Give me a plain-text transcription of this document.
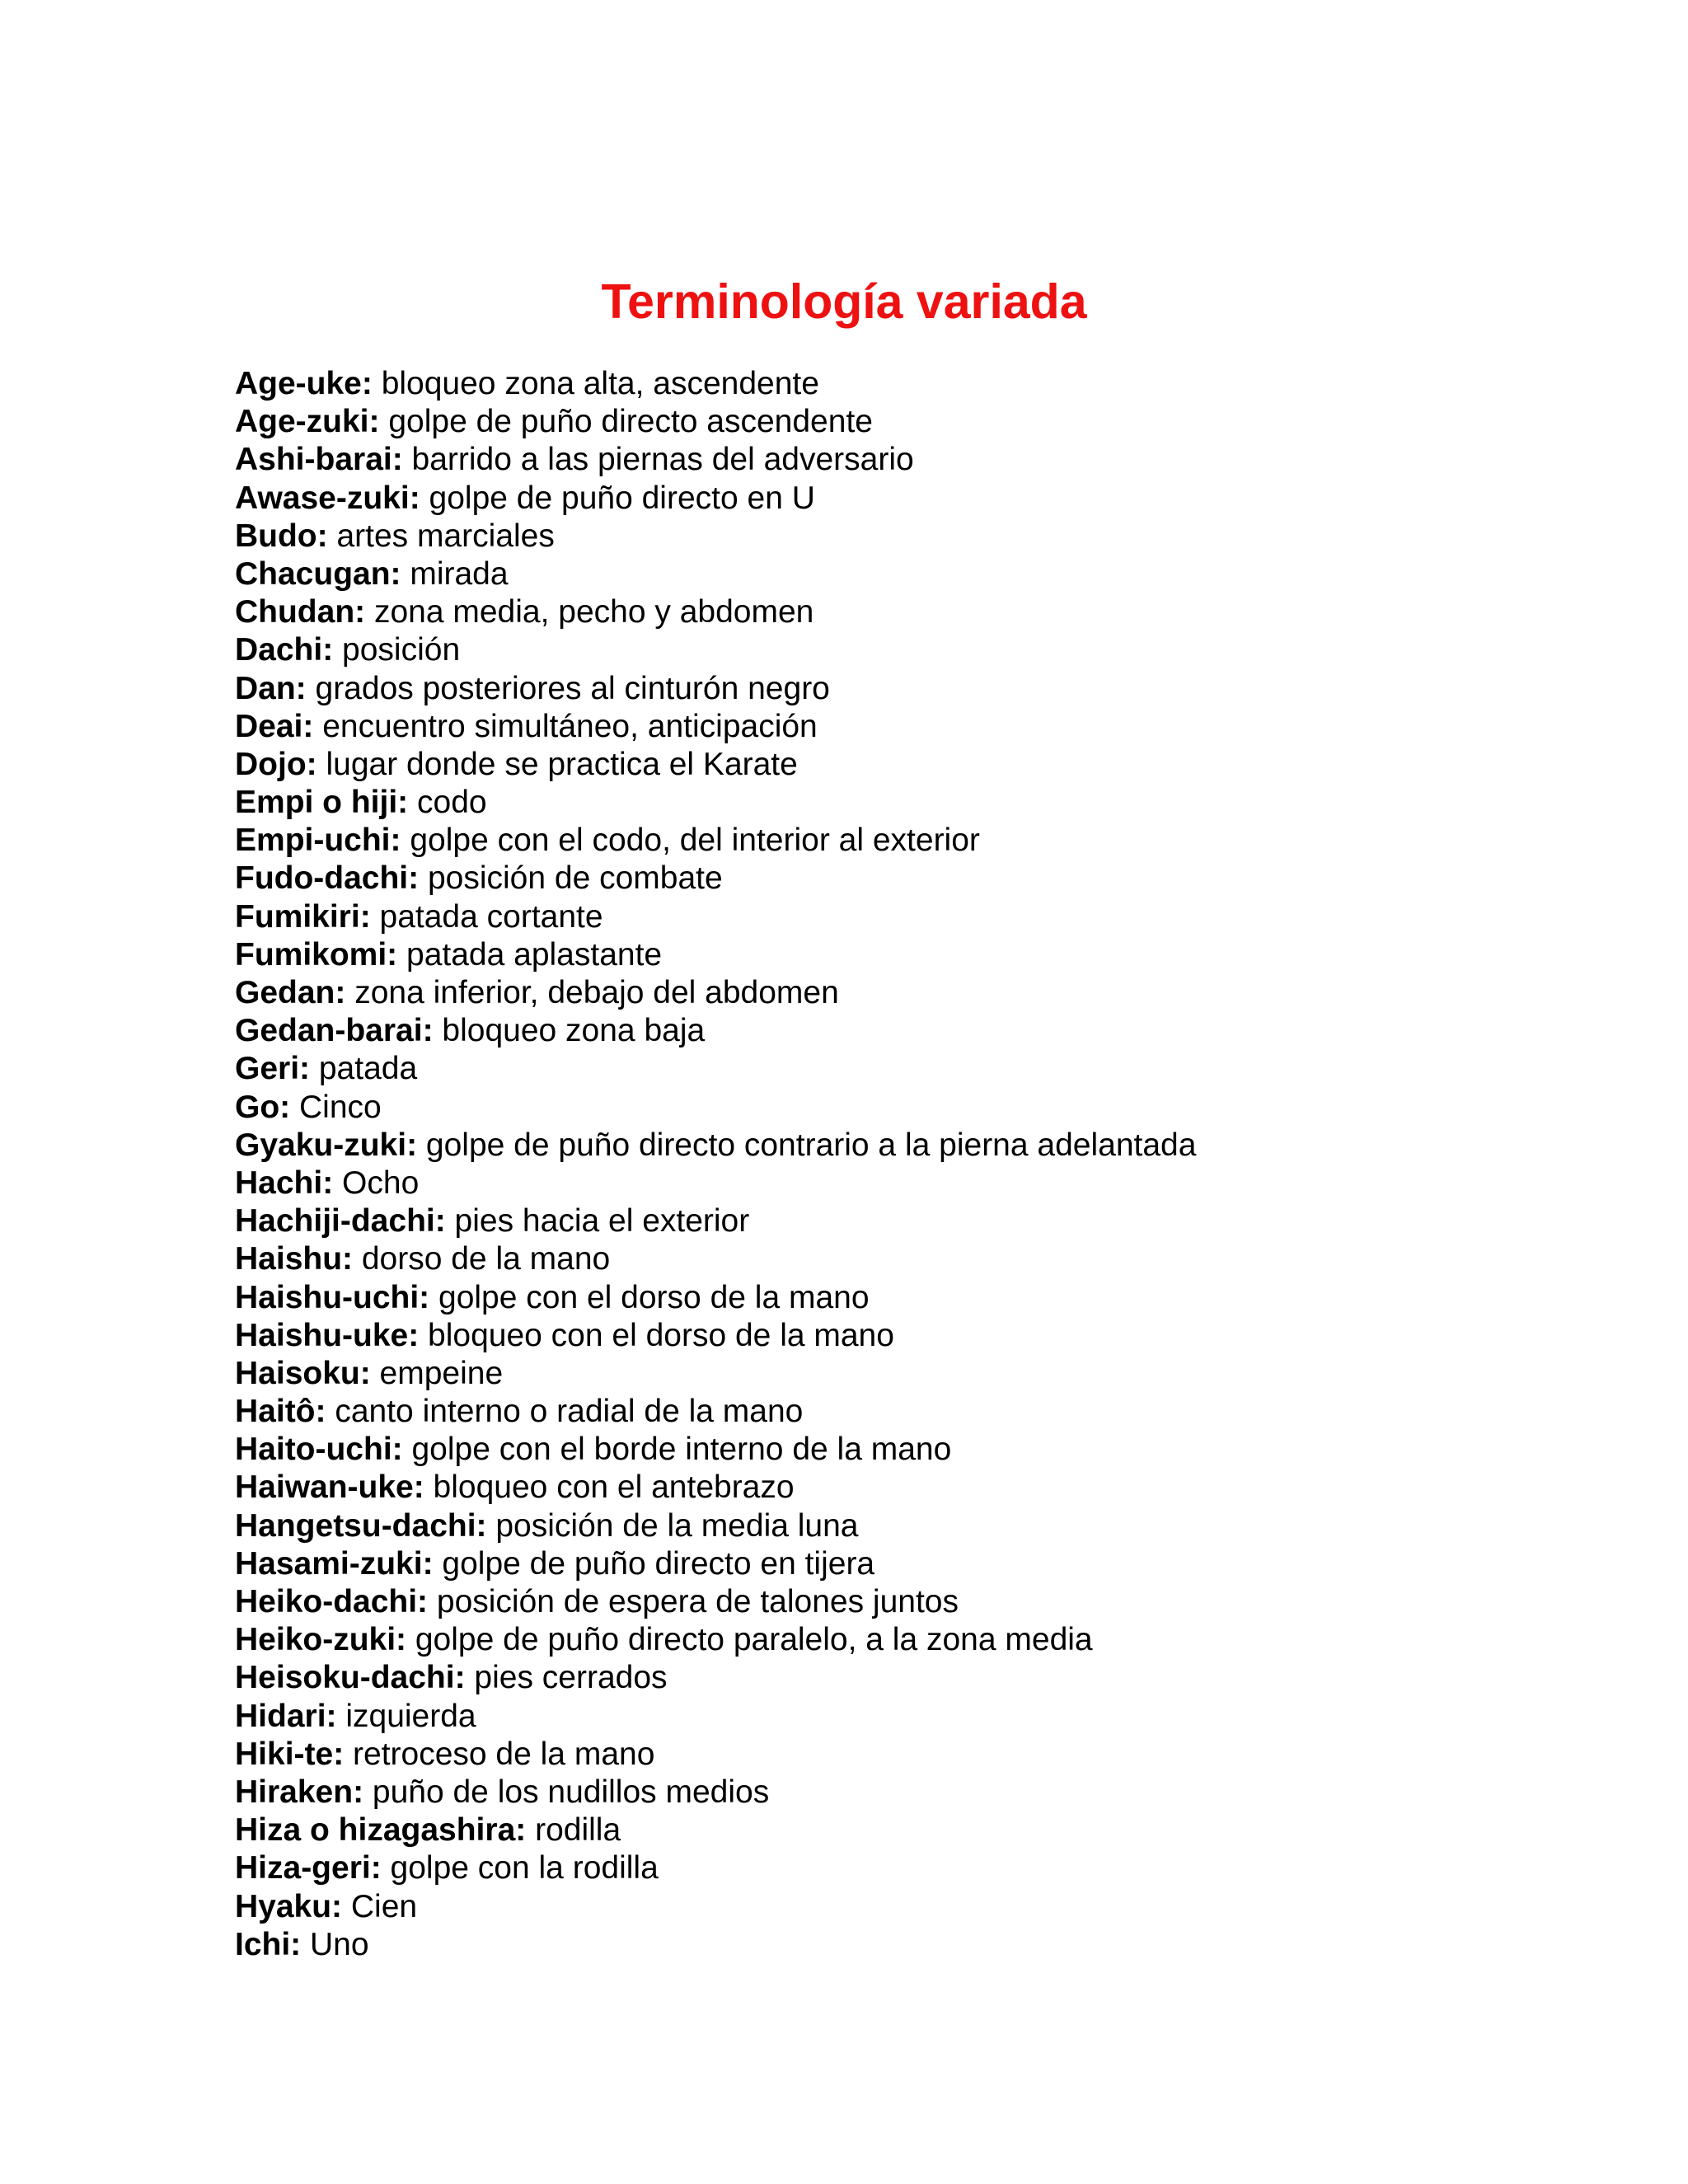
Terminología variada
Age-uke: bloqueo zona alta, ascendente
Age-zuki: golpe de puño directo ascendente
Ashi-barai: barrido a las piernas del adversario
Awase-zuki: golpe de puño directo en U
Budo: artes marciales
Chacugan: mirada
Chudan: zona media, pecho y abdomen
Dachi: posición
Dan: grados posteriores al cinturón negro
Deai: encuentro simultáneo, anticipación
Dojo: lugar donde se practica el Karate
Empi o hiji: codo
Empi-uchi: golpe con el codo, del interior al exterior
Fudo-dachi: posición de combate
Fumikiri: patada cortante
Fumikomi: patada aplastante
Gedan: zona inferior, debajo del abdomen
Gedan-barai: bloqueo zona baja
Geri: patada
Go: Cinco
Gyaku-zuki: golpe de puño directo contrario a la pierna adelantada
Hachi: Ocho
Hachiji-dachi: pies hacia el exterior
Haishu: dorso de la mano
Haishu-uchi: golpe con el dorso de la mano
Haishu-uke: bloqueo con el dorso de la mano
Haisoku: empeine
Haitô: canto interno o radial de la mano
Haito-uchi: golpe con el borde interno de la mano
Haiwan-uke: bloqueo con el antebrazo
Hangetsu-dachi: posición de la media luna
Hasami-zuki: golpe de puño directo en tijera
Heiko-dachi: posición de espera de talones juntos
Heiko-zuki: golpe de puño directo paralelo, a la zona media
Heisoku-dachi: pies cerrados
Hidari: izquierda
Hiki-te: retroceso de la mano
Hiraken: puño de los nudillos medios
Hiza o hizagashira: rodilla
Hiza-geri: golpe con la rodilla
Hyaku: Cien
Ichi: Uno
